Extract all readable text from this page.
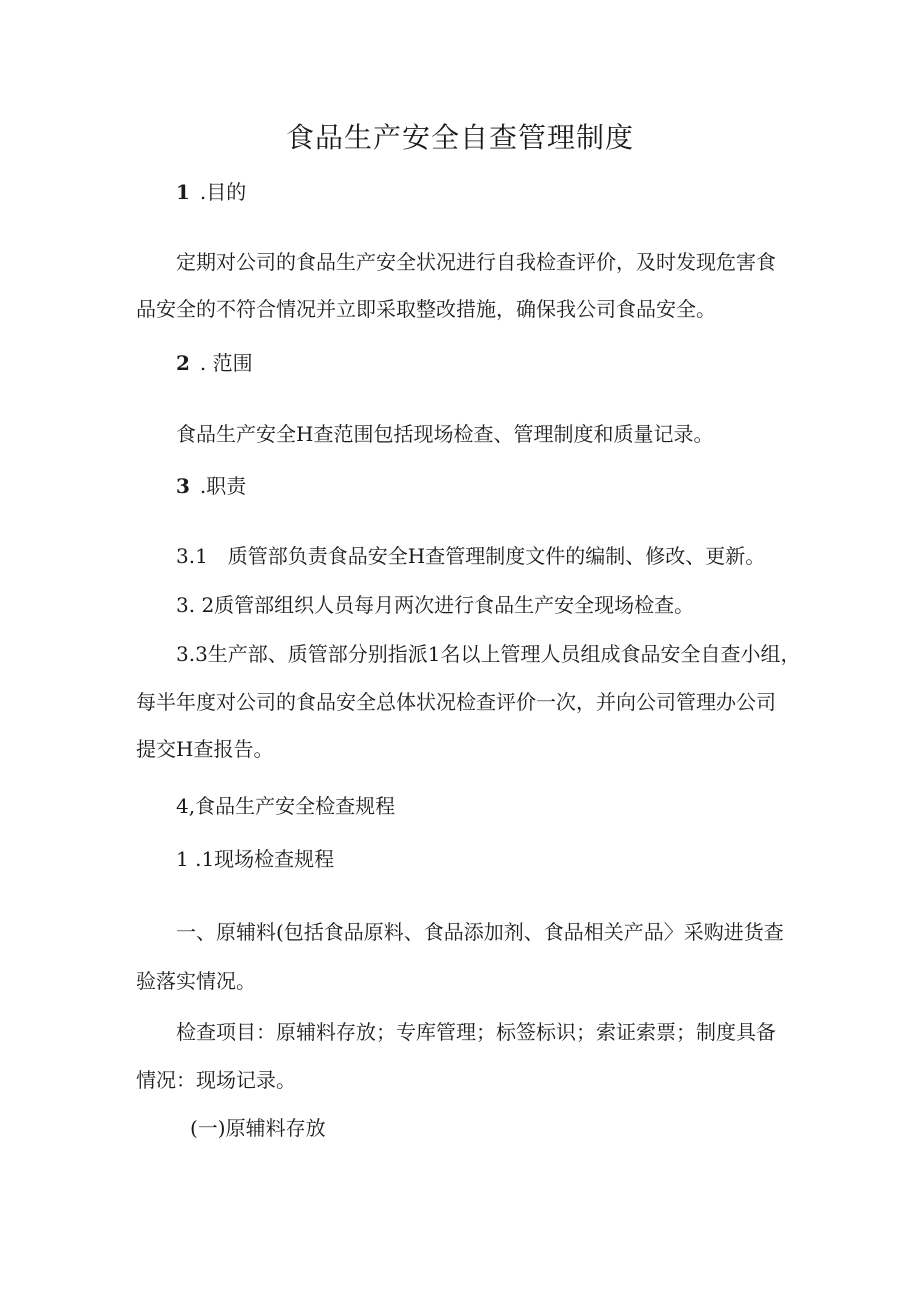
食品生产安全自查管理制度
1 .目的
定期对公司的食品生产安全状况进行自我检查评价，及时发现危害食
品安全的不符合情况并立即采取整改措施，确保我公司食品安全。
2 . 范围
食品生产安全H查范围包括现场检查、管理制度和质量记录。
3 .职责
3.1　质管部负责食品安全H查管理制度文件的编制、修改、更新。
3. 2质管部组织人员每月两次进行食品生产安全现场检查。
3.3生产部、质管部分别指派1名以上管理人员组成食品安全自查小组，
每半年度对公司的食品安全总体状况检查评价一次，并向公司管理办公司
提交H查报告。
4,食品生产安全检查规程
1 .1现场检查规程
一、原辅料(包括食品原料、食品添加剂、食品相关产品〉采购进货查
验落实情况。
检查项目：原辅料存放；专库管理；标签标识；索证索票；制度具备
情况：现场记录。
(一)原辅料存放
